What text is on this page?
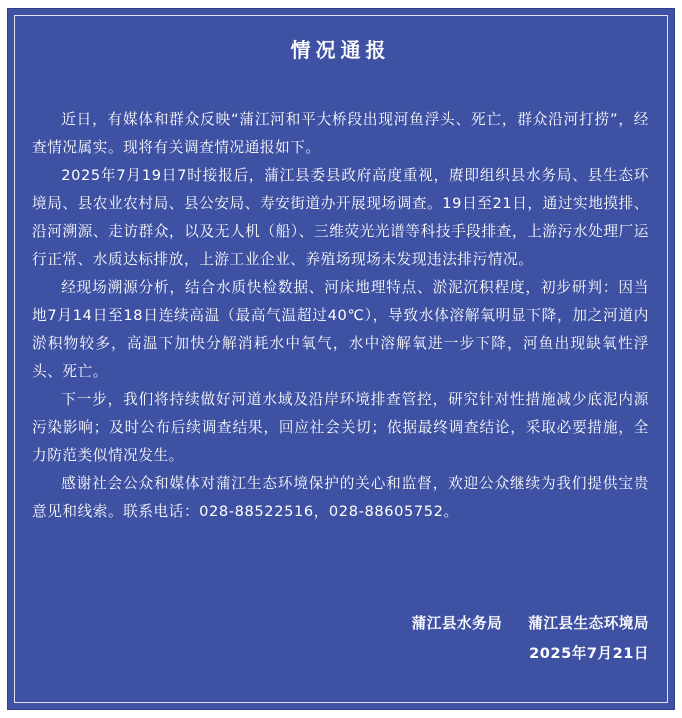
情况通报

近日，有媒体和群众反映“蒲江河和平大桥段出现河鱼浮头、死亡，群众沿河打捞”，经查情况属实。现将有关调查情况通报如下。

2025年7月19日7时接报后，蒲江县委县政府高度重视，赓即组织县水务局、县生态环境局、县农业农村局、县公安局、寿安街道办开展现场调查。19日至21日，通过实地摸排、沿河溯源、走访群众，以及无人机（船）、三维荧光光谱等科技手段排查，上游污水处理厂运行正常、水质达标排放，上游工业企业、养殖场现场未发现违法排污情况。

经现场溯源分析，结合水质快检数据、河床地理特点、淤泥沉积程度，初步研判：因当地7月14日至18日连续高温（最高气温超过40℃），导致水体溶解氧明显下降，加之河道内淤积物较多，高温下加快分解消耗水中氧气，水中溶解氧进一步下降，河鱼出现缺氧性浮头、死亡。

下一步，我们将持续做好河道水域及沿岸环境排查管控，研究针对性措施减少底泥内源污染影响；及时公布后续调查结果，回应社会关切；依据最终调查结论，采取必要措施，全力防范类似情况发生。

感谢社会公众和媒体对蒲江生态环境保护的关心和监督，欢迎公众继续为我们提供宝贵意见和线索。联系电话：028-88522516，028-88605752。

蒲江县水务局 蒲江县生态环境局
2025年7月21日
